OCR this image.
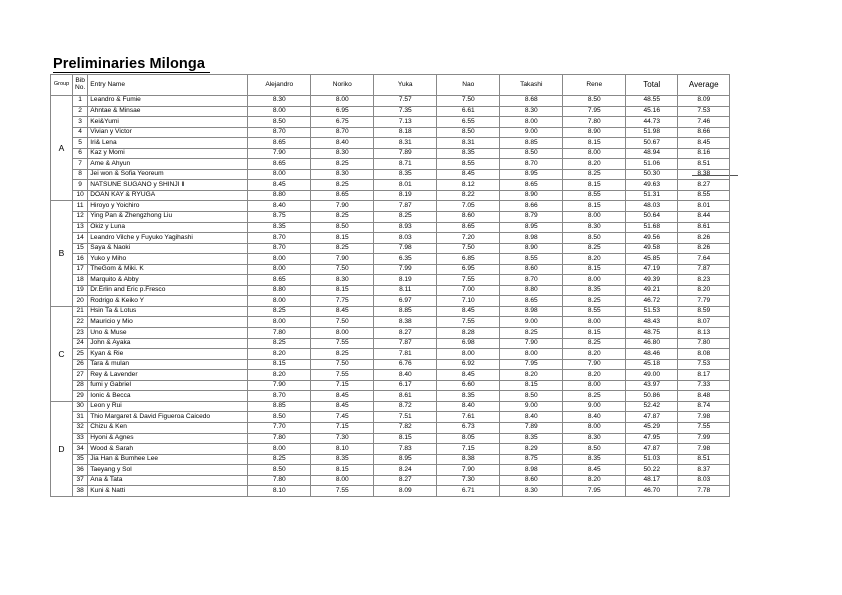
Preliminaries Milonga
Group	Bib No.	Entry Name	Alejandro	Noriko	Yuka	Nao	Takashi	Rene	Total	Average
A	1	Leandro & Fumie	8.30	8.00	7.57	7.50	8.68	8.50	48.55	8.09
	2	Ahntae & Minsae	8.00	6.95	7.35	6.61	8.30	7.95	45.16	7.53
	3	Kei&Yumi	8.50	6.75	7.13	6.55	8.00	7.80	44.73	7.46
	4	Vivian y Victor	8.70	8.70	8.18	8.50	9.00	8.90	51.98	8.66
	5	Iri& Lena	8.65	8.40	8.31	8.31	8.85	8.15	50.67	8.45
	6	Kaz y Momi	7.90	8.30	7.89	8.35	8.50	8.00	48.94	8.16
	7	Ame & Ahyun	8.65	8.25	8.71	8.55	8.70	8.20	51.06	8.51
	8	Jei won & Sofia Yeoreum	8.00	8.30	8.35	8.45	8.95	8.25	50.30	8.38
	9	NATSUNE SUGANO y SHINJI Ⅱ	8.45	8.25	8.01	8.12	8.65	8.15	49.63	8.27
	10	DOAN KAY & RYUGA	8.80	8.65	8.19	8.22	8.90	8.55	51.31	8.55
B	11	Hiroyo y Yoichiro	8.40	7.90	7.87	7.05	8.66	8.15	48.03	8.01
	12	Ying Pan & Zhengzhong Liu	8.75	8.25	8.25	8.60	8.79	8.00	50.64	8.44
	13	Okiz y Luna	8.35	8.50	8.93	8.65	8.95	8.30	51.68	8.61
	14	Leandro Vilche y Fuyuko Yagihashi	8.70	8.15	8.03	7.20	8.98	8.50	49.56	8.26
	15	Saya & Naoki	8.70	8.25	7.98	7.50	8.90	8.25	49.58	8.26
	16	Yuko y Miho	8.00	7.90	6.35	6.85	8.55	8.20	45.85	7.64
	17	TheGom & Miki. K	8.00	7.50	7.99	6.95	8.60	8.15	47.19	7.87
	18	Marquito & Abby	8.65	8.30	8.19	7.55	8.70	8.00	49.39	8.23
	19	Dr.Erlin and Eric p.Fresco	8.80	8.15	8.11	7.00	8.80	8.35	49.21	8.20
	20	Rodrigo & Keiko Y	8.00	7.75	6.97	7.10	8.65	8.25	46.72	7.79
C	21	Hsin Ta & Lotus	8.25	8.45	8.85	8.45	8.98	8.55	51.53	8.59
	22	Mauricio y Mio	8.00	7.50	8.38	7.55	9.00	8.00	48.43	8.07
	23	Uno & Muse	7.80	8.00	8.27	8.28	8.25	8.15	48.75	8.13
	24	John & Ayaka	8.25	7.55	7.87	6.98	7.90	8.25	46.80	7.80
	25	Kyan & Rie	8.20	8.25	7.81	8.00	8.00	8.20	48.46	8.08
	26	Tara & mulan	8.15	7.50	6.76	6.92	7.95	7.90	45.18	7.53
	27	Rey & Lavender	8.20	7.55	8.40	8.45	8.20	8.20	49.00	8.17
	28	fumi y Gabriel	7.90	7.15	6.17	6.60	8.15	8.00	43.97	7.33
	29	Ionic & Becca	8.70	8.45	8.61	8.35	8.50	8.25	50.86	8.48
D	30	Leon y Rui	8.85	8.45	8.72	8.40	9.00	9.00	52.42	8.74
	31	Thio Margaret & David Figueroa Caicedo	8.50	7.45	7.51	7.61	8.40	8.40	47.87	7.98
	32	Chizu & Ken	7.70	7.15	7.82	6.73	7.89	8.00	45.29	7.55
	33	Hyoni & Agnes	7.80	7.30	8.15	8.05	8.35	8.30	47.95	7.99
	34	Wood & Sarah	8.00	8.10	7.83	7.15	8.29	8.50	47.87	7.98
	35	Jia Han & Bumhee Lee	8.25	8.35	8.95	8.38	8.75	8.35	51.03	8.51
	36	Taeyang y Sol	8.50	8.15	8.24	7.90	8.98	8.45	50.22	8.37
	37	Ana & Tata	7.80	8.00	8.27	7.30	8.60	8.20	48.17	8.03
	38	Kuni & Natti	8.10	7.55	8.09	6.71	8.30	7.95	46.70	7.78
